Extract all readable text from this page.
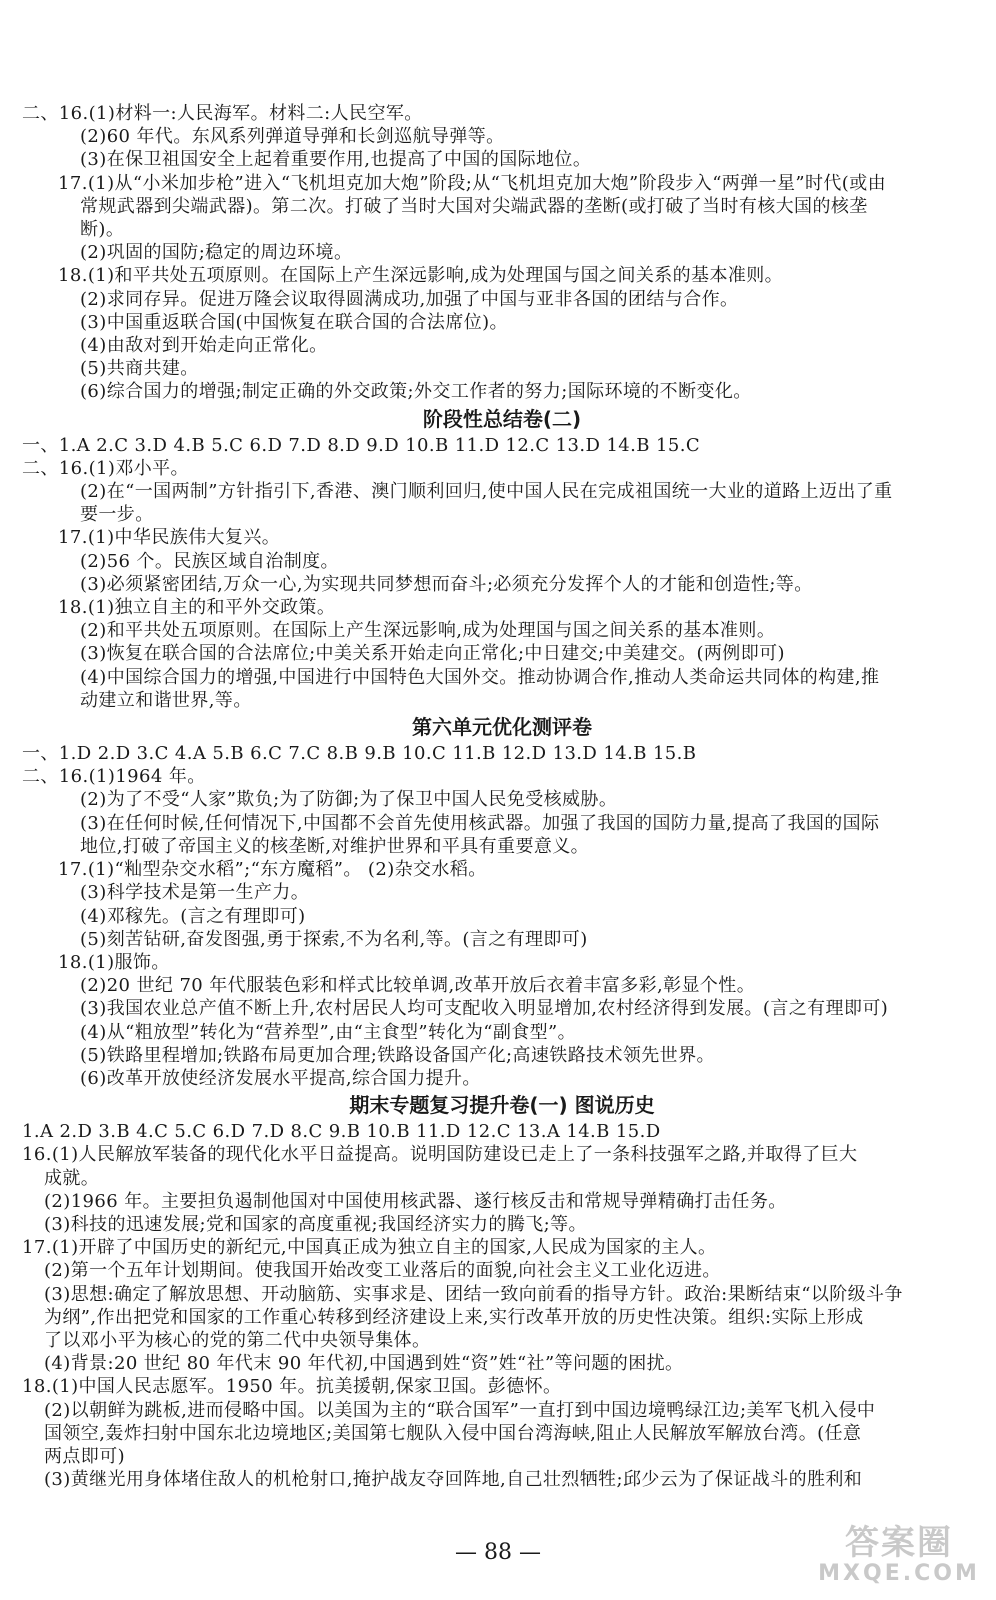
二、16.(1)材料一:人民海军。材料二:人民空军。
(2)60 年代。东风系列弹道导弹和长剑巡航导弹等。
(3)在保卫祖国安全上起着重要作用,也提高了中国的国际地位。
17.(1)从“小米加步枪”进入“飞机坦克加大炮”阶段;从“飞机坦克加大炮”阶段步入“两弹一星”时代(或由
常规武器到尖端武器)。第二次。打破了当时大国对尖端武器的垄断(或打破了当时有核大国的核垄
断)。
(2)巩固的国防;稳定的周边环境。
18.(1)和平共处五项原则。在国际上产生深远影响,成为处理国与国之间关系的基本准则。
(2)求同存异。促进万隆会议取得圆满成功,加强了中国与亚非各国的团结与合作。
(3)中国重返联合国(中国恢复在联合国的合法席位)。
(4)由敌对到开始走向正常化。
(5)共商共建。
(6)综合国力的增强;制定正确的外交政策;外交工作者的努力;国际环境的不断变化。
阶段性总结卷(二)
一、1.A 2.C 3.D 4.B 5.C 6.D 7.D 8.D 9.D 10.B 11.D 12.C 13.D 14.B 15.C
二、16.(1)邓小平。
(2)在“一国两制”方针指引下,香港、澳门顺利回归,使中国人民在完成祖国统一大业的道路上迈出了重
要一步。
17.(1)中华民族伟大复兴。
(2)56 个。民族区域自治制度。
(3)必须紧密团结,万众一心,为实现共同梦想而奋斗;必须充分发挥个人的才能和创造性;等。
18.(1)独立自主的和平外交政策。
(2)和平共处五项原则。在国际上产生深远影响,成为处理国与国之间关系的基本准则。
(3)恢复在联合国的合法席位;中美关系开始走向正常化;中日建交;中美建交。(两例即可)
(4)中国综合国力的增强,中国进行中国特色大国外交。推动协调合作,推动人类命运共同体的构建,推
动建立和谐世界,等。
第六单元优化测评卷
一、1.D 2.D 3.C 4.A 5.B 6.C 7.C 8.B 9.B 10.C 11.B 12.D 13.D 14.B 15.B
二、16.(1)1964 年。
(2)为了不受“人家”欺负;为了防御;为了保卫中国人民免受核威胁。
(3)在任何时候,任何情况下,中国都不会首先使用核武器。加强了我国的国防力量,提高了我国的国际
地位,打破了帝国主义的核垄断,对维护世界和平具有重要意义。
17.(1)“籼型杂交水稻”;“东方魔稻”。 (2)杂交水稻。
(3)科学技术是第一生产力。
(4)邓稼先。(言之有理即可)
(5)刻苦钻研,奋发图强,勇于探索,不为名利,等。(言之有理即可)
18.(1)服饰。
(2)20 世纪 70 年代服装色彩和样式比较单调,改革开放后衣着丰富多彩,彰显个性。
(3)我国农业总产值不断上升,农村居民人均可支配收入明显增加,农村经济得到发展。(言之有理即可)
(4)从“粗放型”转化为“营养型”,由“主食型”转化为“副食型”。
(5)铁路里程增加;铁路布局更加合理;铁路设备国产化;高速铁路技术领先世界。
(6)改革开放使经济发展水平提高,综合国力提升。
期末专题复习提升卷(一) 图说历史
1.A 2.D 3.B 4.C 5.C 6.D 7.D 8.C 9.B 10.B 11.D 12.C 13.A 14.B 15.D
16.(1)人民解放军装备的现代化水平日益提高。说明国防建设已走上了一条科技强军之路,并取得了巨大
成就。
(2)1966 年。主要担负遏制他国对中国使用核武器、遂行核反击和常规导弹精确打击任务。
(3)科技的迅速发展;党和国家的高度重视;我国经济实力的腾飞;等。
17.(1)开辟了中国历史的新纪元,中国真正成为独立自主的国家,人民成为国家的主人。
(2)第一个五年计划期间。使我国开始改变工业落后的面貌,向社会主义工业化迈进。
(3)思想:确定了解放思想、开动脑筋、实事求是、团结一致向前看的指导方针。政治:果断结束“以阶级斗争
为纲”,作出把党和国家的工作重心转移到经济建设上来,实行改革开放的历史性决策。组织:实际上形成
了以邓小平为核心的党的第二代中央领导集体。
(4)背景:20 世纪 80 年代末 90 年代初,中国遇到姓“资”姓“社”等问题的困扰。
18.(1)中国人民志愿军。1950 年。抗美援朝,保家卫国。彭德怀。
(2)以朝鲜为跳板,进而侵略中国。以美国为主的“联合国军”一直打到中国边境鸭绿江边;美军飞机入侵中
国领空,轰炸扫射中国东北边境地区;美国第七舰队入侵中国台湾海峡,阻止人民解放军解放台湾。(任意
两点即可)
(3)黄继光用身体堵住敌人的机枪射口,掩护战友夺回阵地,自己壮烈牺牲;邱少云为了保证战斗的胜利和
— 88 —	答案圈
MXQE.COM
